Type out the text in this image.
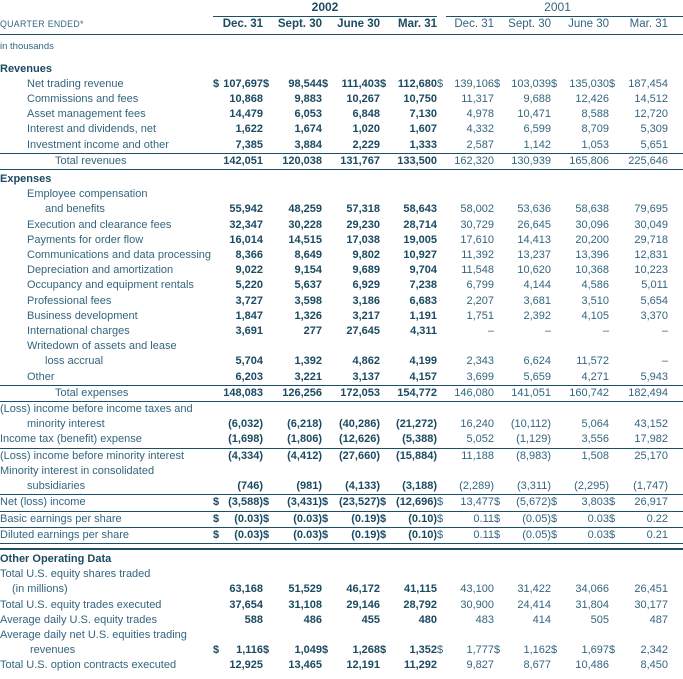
	2002				2001				

QUARTER ENDED*	Dec. 31	Sept. 30	June 30	Mar. 31	Dec. 31	Sept. 30	June 30	Mar. 31	
in thousands									
Revenues									
Net trading revenue	$ 107,697	$ 98,544	$ 111,403	$ 112,680	$ 139,106	$ 103,039	$ 135,030	$ 187,454	
Commissions and fees	10,868	9,883	10,267	10,750	11,317	9,688	12,426	14,512	
Asset management fees	14,479	6,053	6,848	7,130	4,978	10,471	8,588	12,720	
Interest and dividends, net	1,622	1,674	1,020	1,607	4,332	6,599	8,709	5,309	
Investment income and other	7,385	3,884	2,229	1,333	2,587	1,142	1,053	5,651	
Total revenues	142,051	120,038	131,767	133,500	162,320	130,939	165,806	225,646	
Expenses									
Employee compensation									
and benefits	55,942	48,259	57,318	58,643	58,002	53,636	58,638	79,695	
Execution and clearance fees	32,347	30,228	29,230	28,714	30,729	26,645	30,096	30,049	
Payments for order flow	16,014	14,515	17,038	19,005	17,610	14,413	20,200	29,718	
Communications and data processing	8,366	8,649	9,802	10,927	11,392	13,237	13,396	12,831	
Depreciation and amortization	9,022	9,154	9,689	9,704	11,548	10,620	10,368	10,223	
Occupancy and equipment rentals	5,220	5,637	6,929	7,238	6,799	4,144	4,586	5,011	
Professional fees	3,727	3,598	3,186	6,683	2,207	3,681	3,510	5,654	
Business development	1,847	1,326	3,217	1,191	1,751	2,392	4,105	3,370	
International charges	3,691	277	27,645	4,311	–	–	–	–	
Writedown of assets and lease									
loss accrual	5,704	1,392	4,862	4,199	2,343	6,624	11,572	–	
Other	6,203	3,221	3,137	4,157	3,699	5,659	4,271	5,943	
Total expenses	148,083	126,256	172,053	154,772	146,080	141,051	160,742	182,494	
(Loss) income before income taxes and									
minority interest	(6,032)	(6,218)	(40,286)	(21,272)	16,240	(10,112)	5,064	43,152	
Income tax (benefit) expense	(1,698)	(1,806)	(12,626)	(5,388)	5,052	(1,129)	3,556	17,982	
(Loss) income before minority interest	(4,334)	(4,412)	(27,660)	(15,884)	11,188	(8,983)	1,508	25,170	
Minority interest in consolidated									
subsidiaries	(746)	(981)	(4,133)	(3,188)	(2,289)	(3,311)	(2,295)	(1,747)	
Net (loss) income	$ (3,588)	$ (3,431)	$ (23,527)	$ (12,696)	$ 13,477	$ (5,672)	$ 3,803	$ 26,917	
Basic earnings per share	$ (0.03)	$ (0.03)	$ (0.19)	$ (0.10)	$ 0.11	$ (0.05)	$ 0.03	$ 0.22	
Diluted earnings per share	$ (0.03)	$ (0.03)	$ (0.19)	$ (0.10)	$ 0.11	$ (0.05)	$ 0.03	$ 0.21	

Other Operating Data									
Total U.S. equity shares traded									
(in millions)	63,168	51,529	46,172	41,115	43,100	31,422	34,066	26,451	
Total U.S. equity trades executed	37,654	31,108	29,146	28,792	30,900	24,414	31,804	30,177	
Average daily U.S. equity trades	588	486	455	480	483	414	505	487	
Average daily net U.S. equities trading									
revenues	$ 1,116	$ 1,049	$ 1,268	$ 1,352	$ 1,777	$ 1,162	$ 1,697	$ 2,342	
Total U.S. option contracts executed	12,925	13,465	12,191	11,292	9,827	8,677	10,486	8,450	
